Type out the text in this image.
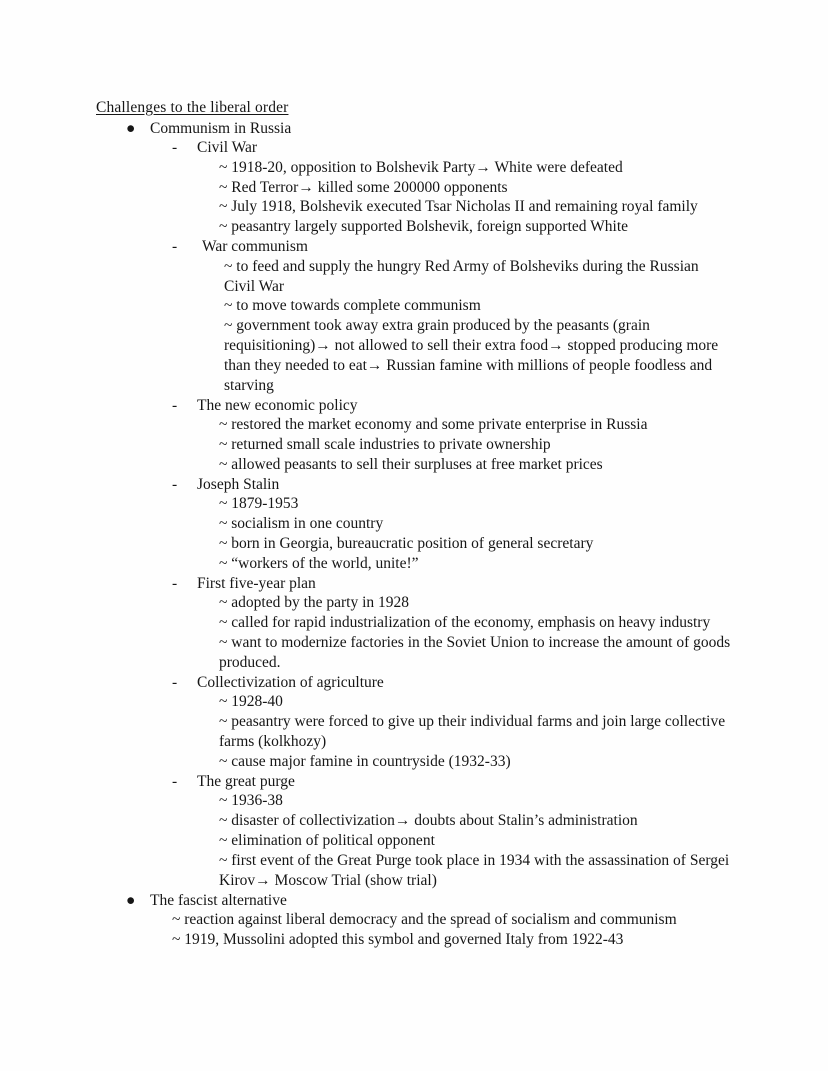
Challenges to the liberal order
● Communism in Russia
- Civil War

~ 1918-20, opposition to Bolshevik Party→ White were defeated

~ Red Terror→ killed some 200000 opponents

~ July 1918, Bolshevik executed Tsar Nicholas II and remaining royal family

~ peasantry largely supported Bolshevik, foreign supported White

- War communism

~ to feed and supply the hungry Red Army of Bolsheviks during the Russian Civil War

~ to move towards complete communism

~ government took away extra grain produced by the peasants (grain requisitioning)→ not allowed to sell their extra food→ stopped producing more than they needed to eat→ Russian famine with millions of people foodless and starving

- The new economic policy

~ restored the market economy and some private enterprise in Russia

~ returned small scale industries to private ownership

~ allowed peasants to sell their surpluses at free market prices

- Joseph Stalin

~ 1879-1953

~ socialism in one country

~ born in Georgia, bureaucratic position of general secretary

~ “workers of the world, unite!”

- First five-year plan

~ adopted by the party in 1928

~ called for rapid industrialization of the economy, emphasis on heavy industry

~ want to modernize factories in the Soviet Union to increase the amount of goods produced.

- Collectivization of agriculture

~ 1928-40

~ peasantry were forced to give up their individual farms and join large collective farms (kolkhozy)

~ cause major famine in countryside (1932-33)

- The great purge

~ 1936-38

~ disaster of collectivization→ doubts about Stalin’s administration

~ elimination of political opponent

~ first event of the Great Purge took place in 1934 with the assassination of Sergei Kirov→ Moscow Trial (show trial)

● The fascist alternative

~ reaction against liberal democracy and the spread of socialism and communism

~ 1919, Mussolini adopted this symbol and governed Italy from 1922-43
